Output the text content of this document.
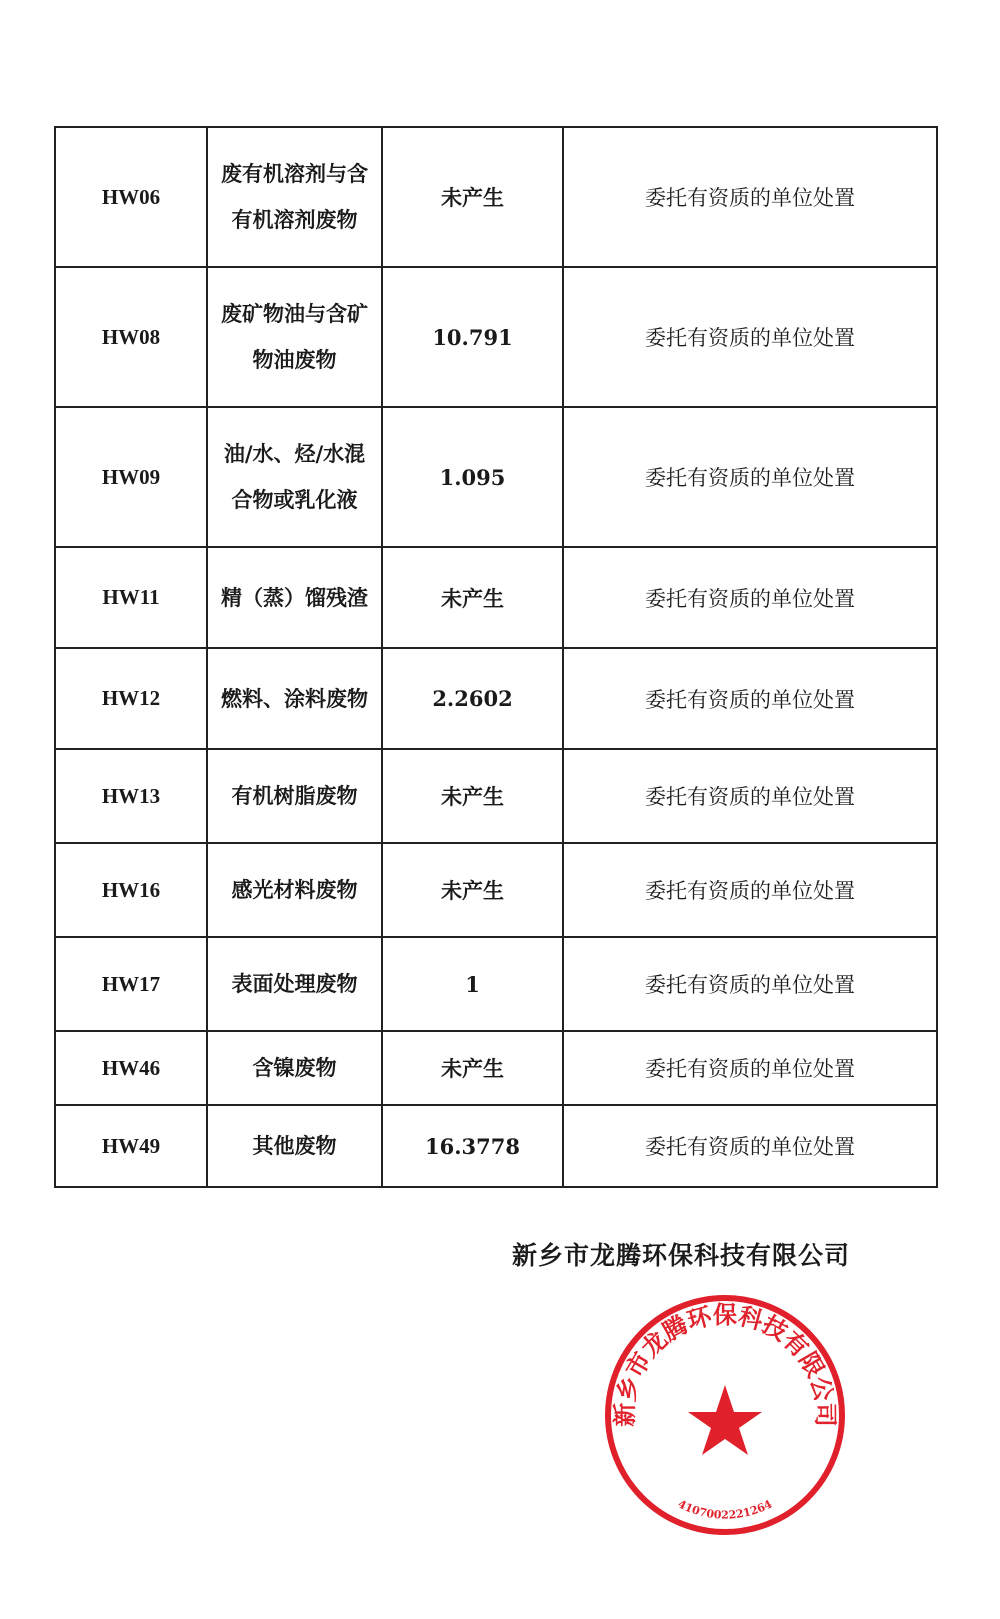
HW06	废有机溶剂与含有机溶剂废物	未产生	委托有资质的单位处置
HW08	废矿物油与含矿物油废物	10.791	委托有资质的单位处置
HW09	油/水、烃/水混合物或乳化液	1.095	委托有资质的单位处置
HW11	精（蒸）馏残渣	未产生	委托有资质的单位处置
HW12	燃料、涂料废物	2.2602	委托有资质的单位处置
HW13	有机树脂废物	未产生	委托有资质的单位处置
HW16	感光材料废物	未产生	委托有资质的单位处置
HW17	表面处理废物	1	委托有资质的单位处置
HW46	含镍废物	未产生	委托有资质的单位处置
HW49	其他废物	16.3778	委托有资质的单位处置
新乡市龙腾环保科技有限公司
新乡市龙腾环保科技有限公司
4107002221264
